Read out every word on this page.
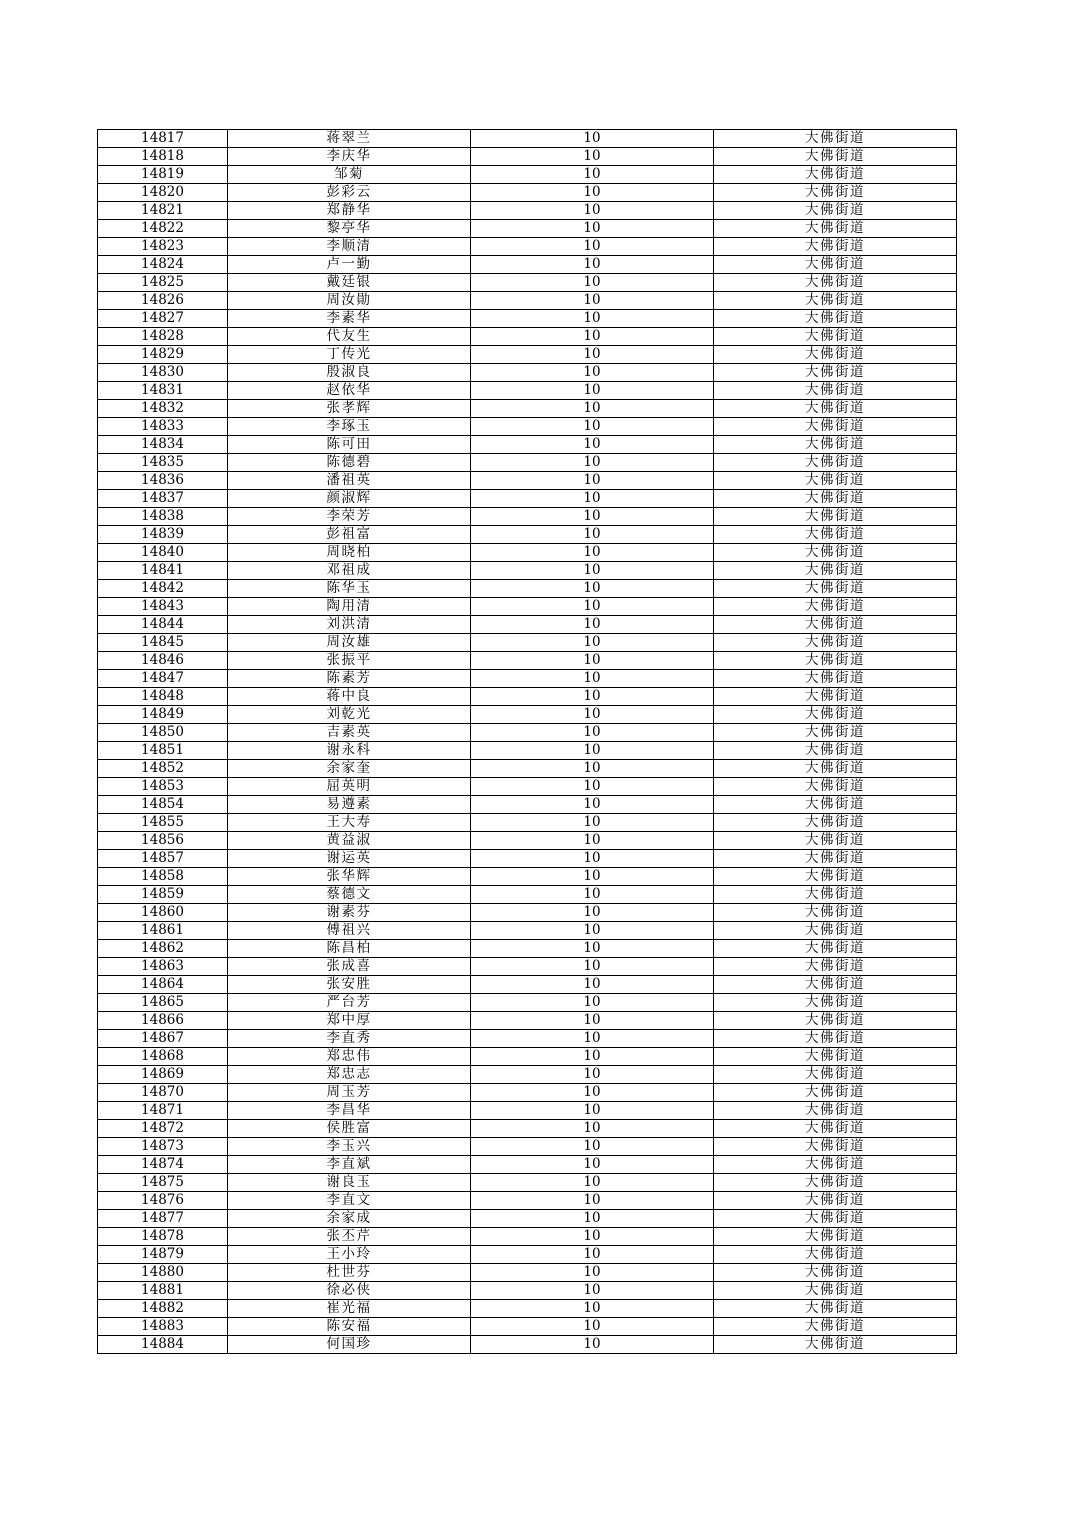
14817	蒋翠兰	10	大佛街道
14818	李庆华	10	大佛街道
14819	邹菊	10	大佛街道
14820	彭彩云	10	大佛街道
14821	郑静华	10	大佛街道
14822	黎亭华	10	大佛街道
14823	李顺清	10	大佛街道
14824	卢一勤	10	大佛街道
14825	戴廷银	10	大佛街道
14826	周汝勛	10	大佛街道
14827	李素华	10	大佛街道
14828	代友生	10	大佛街道
14829	丁传光	10	大佛街道
14830	殷淑良	10	大佛街道
14831	赵依华	10	大佛街道
14832	张孝辉	10	大佛街道
14833	李琢玉	10	大佛街道
14834	陈可田	10	大佛街道
14835	陈德碧	10	大佛街道
14836	潘祖英	10	大佛街道
14837	颜淑辉	10	大佛街道
14838	李荣芳	10	大佛街道
14839	彭祖富	10	大佛街道
14840	周晓柏	10	大佛街道
14841	邓祖成	10	大佛街道
14842	陈华玉	10	大佛街道
14843	陶用清	10	大佛街道
14844	刘洪清	10	大佛街道
14845	周汝雄	10	大佛街道
14846	张振平	10	大佛街道
14847	陈素芳	10	大佛街道
14848	蒋中良	10	大佛街道
14849	刘乾光	10	大佛街道
14850	吉素英	10	大佛街道
14851	谢永科	10	大佛街道
14852	余家奎	10	大佛街道
14853	屈英明	10	大佛街道
14854	易遵素	10	大佛街道
14855	王大寿	10	大佛街道
14856	黄益淑	10	大佛街道
14857	谢运英	10	大佛街道
14858	张华辉	10	大佛街道
14859	蔡德文	10	大佛街道
14860	谢素芬	10	大佛街道
14861	傅祖兴	10	大佛街道
14862	陈昌柏	10	大佛街道
14863	张成喜	10	大佛街道
14864	张安胜	10	大佛街道
14865	严台芳	10	大佛街道
14866	郑中厚	10	大佛街道
14867	李直秀	10	大佛街道
14868	郑忠伟	10	大佛街道
14869	郑忠志	10	大佛街道
14870	周玉芳	10	大佛街道
14871	李昌华	10	大佛街道
14872	侯胜富	10	大佛街道
14873	李玉兴	10	大佛街道
14874	李直斌	10	大佛街道
14875	谢良玉	10	大佛街道
14876	李直文	10	大佛街道
14877	余家成	10	大佛街道
14878	张丕芹	10	大佛街道
14879	王小玲	10	大佛街道
14880	杜世芬	10	大佛街道
14881	徐必侠	10	大佛街道
14882	崔光福	10	大佛街道
14883	陈安福	10	大佛街道
14884	何国珍	10	大佛街道
